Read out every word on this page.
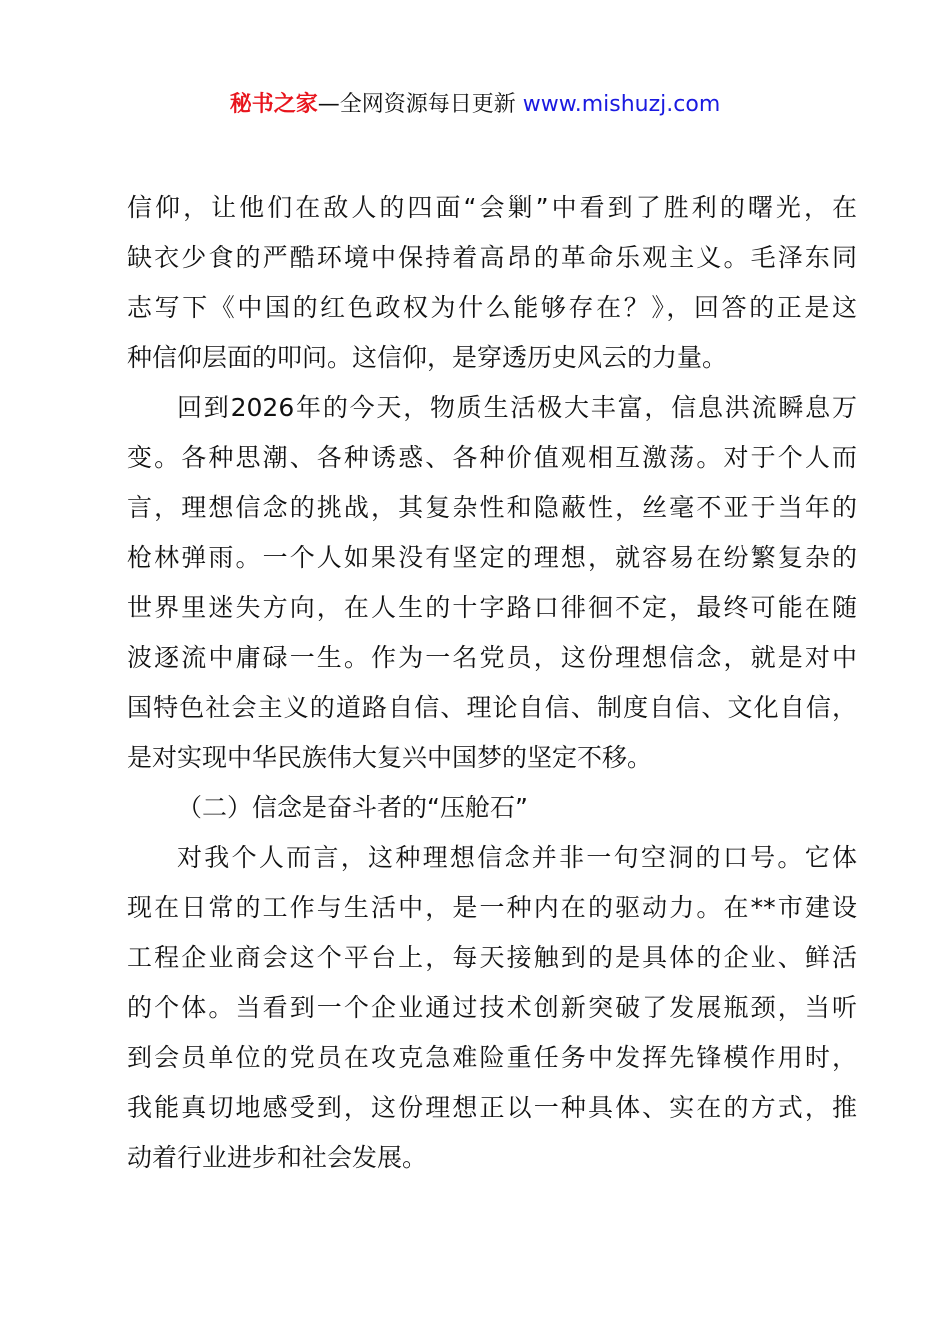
秘书之家—全网资源每日更新 www.mishuzj.com
信仰，让他们在敌人的四面“会剿”中看到了胜利的曙光，在
缺衣少食的严酷环境中保持着高昂的革命乐观主义。毛泽东同
志写下《中国的红色政权为什么能够存在？》，回答的正是这
种信仰层面的叩问。这信仰，是穿透历史风云的力量。
回到2026年的今天，物质生活极大丰富，信息洪流瞬息万
变。各种思潮、各种诱惑、各种价值观相互激荡。对于个人而
言，理想信念的挑战，其复杂性和隐蔽性，丝毫不亚于当年的
枪林弹雨。一个人如果没有坚定的理想，就容易在纷繁复杂的
世界里迷失方向，在人生的十字路口徘徊不定，最终可能在随
波逐流中庸碌一生。作为一名党员，这份理想信念，就是对中
国特色社会主义的道路自信、理论自信、制度自信、文化自信，
是对实现中华民族伟大复兴中国梦的坚定不移。
（二）信念是奋斗者的“压舱石”
对我个人而言，这种理想信念并非一句空洞的口号。它体
现在日常的工作与生活中，是一种内在的驱动力。在**市建设
工程企业商会这个平台上，每天接触到的是具体的企业、鲜活
的个体。当看到一个企业通过技术创新突破了发展瓶颈，当听
到会员单位的党员在攻克急难险重任务中发挥先锋模作用时，
我能真切地感受到，这份理想正以一种具体、实在的方式，推
动着行业进步和社会发展。
